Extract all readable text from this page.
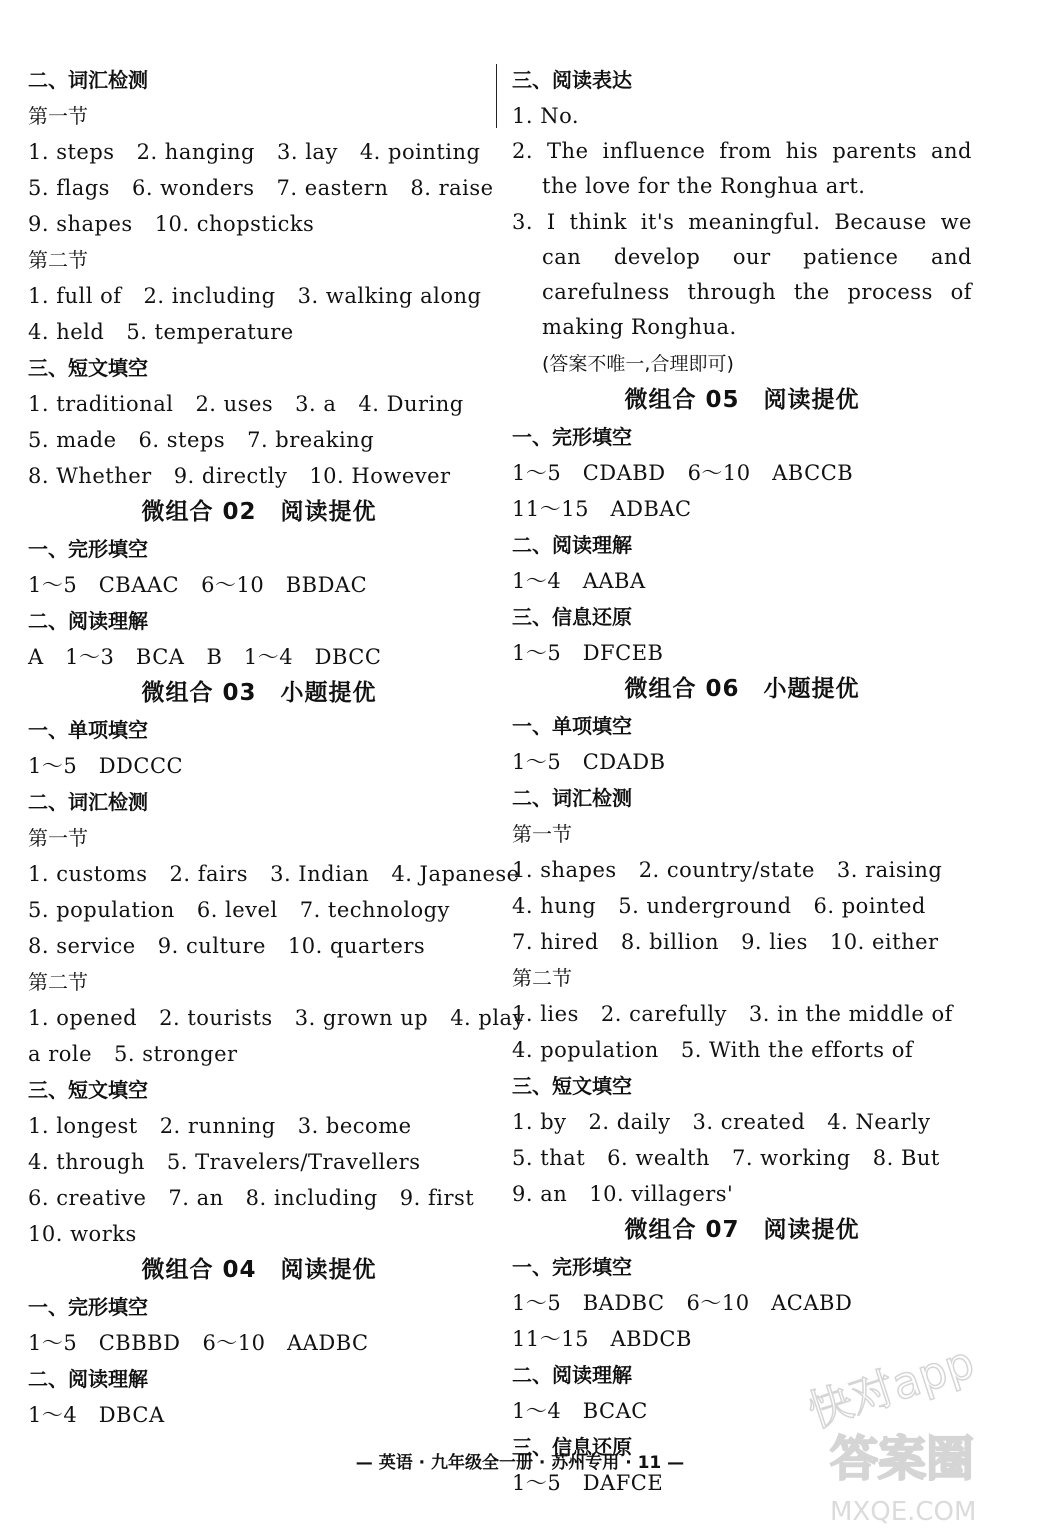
二、词汇检测
第一节
1. steps 2. hanging 3. lay 4. pointing
5. flags 6. wonders 7. eastern 8. raise
9. shapes 10. chopsticks
第二节
1. full of 2. including 3. walking along
4. held 5. temperature
三、短文填空
1. traditional 2. uses 3. a 4. During
5. made 6. steps 7. breaking
8. Whether 9. directly 10. However
微组合 02　阅读提优
一、完形填空
1～5　CBAAC 6～10　BBDAC
二、阅读理解
A　1～3　BCA B　1～4　DBCC
微组合 03　小题提优
一、单项填空
1～5　DDCCC
二、词汇检测
第一节
1. customs 2. fairs 3. Indian 4. Japanese
5. population 6. level 7. technology
8. service 9. culture 10. quarters
第二节
1. opened 2. tourists 3. grown up 4. play
a role 5. stronger
三、短文填空
1. longest 2. running 3. become
4. through 5. Travelers/Travellers
6. creative 7. an 8. including 9. first
10. works
微组合 04　阅读提优
一、完形填空
1～5　CBBBD 6～10　AADBC
二、阅读理解
1～4　DBCA
三、阅读表达
1. No.
2. The influence from his parents and the love for the Ronghua art.
3. I think it's meaningful. Because we can develop our patience and carefulness through the process of making Ronghua.
(答案不唯一,合理即可)
微组合 05　阅读提优
一、完形填空
1～5　CDABD 6～10　ABCCB
11～15　ADBAC
二、阅读理解
1～4　AABA
三、信息还原
1～5　DFCEB
微组合 06　小题提优
一、单项填空
1～5　CDADB
二、词汇检测
第一节
1. shapes 2. country/state 3. raising
4. hung 5. underground 6. pointed
7. hired 8. billion 9. lies 10. either
第二节
1. lies 2. carefully 3. in the middle of
4. population 5. With the efforts of
三、短文填空
1. by 2. daily 3. created 4. Nearly
5. that 6. wealth 7. working 8. But
9. an 10. villagers'
微组合 07　阅读提优
一、完形填空
1～5　BADBC 6～10　ACABD
11～15　ABDCB
二、阅读理解
1～4　BCAC
三、信息还原
1～5　DAFCE
— 英语 · 九年级全一册 · 苏州专用 · 11 —
快对app
答案圈
MXQE.COM
